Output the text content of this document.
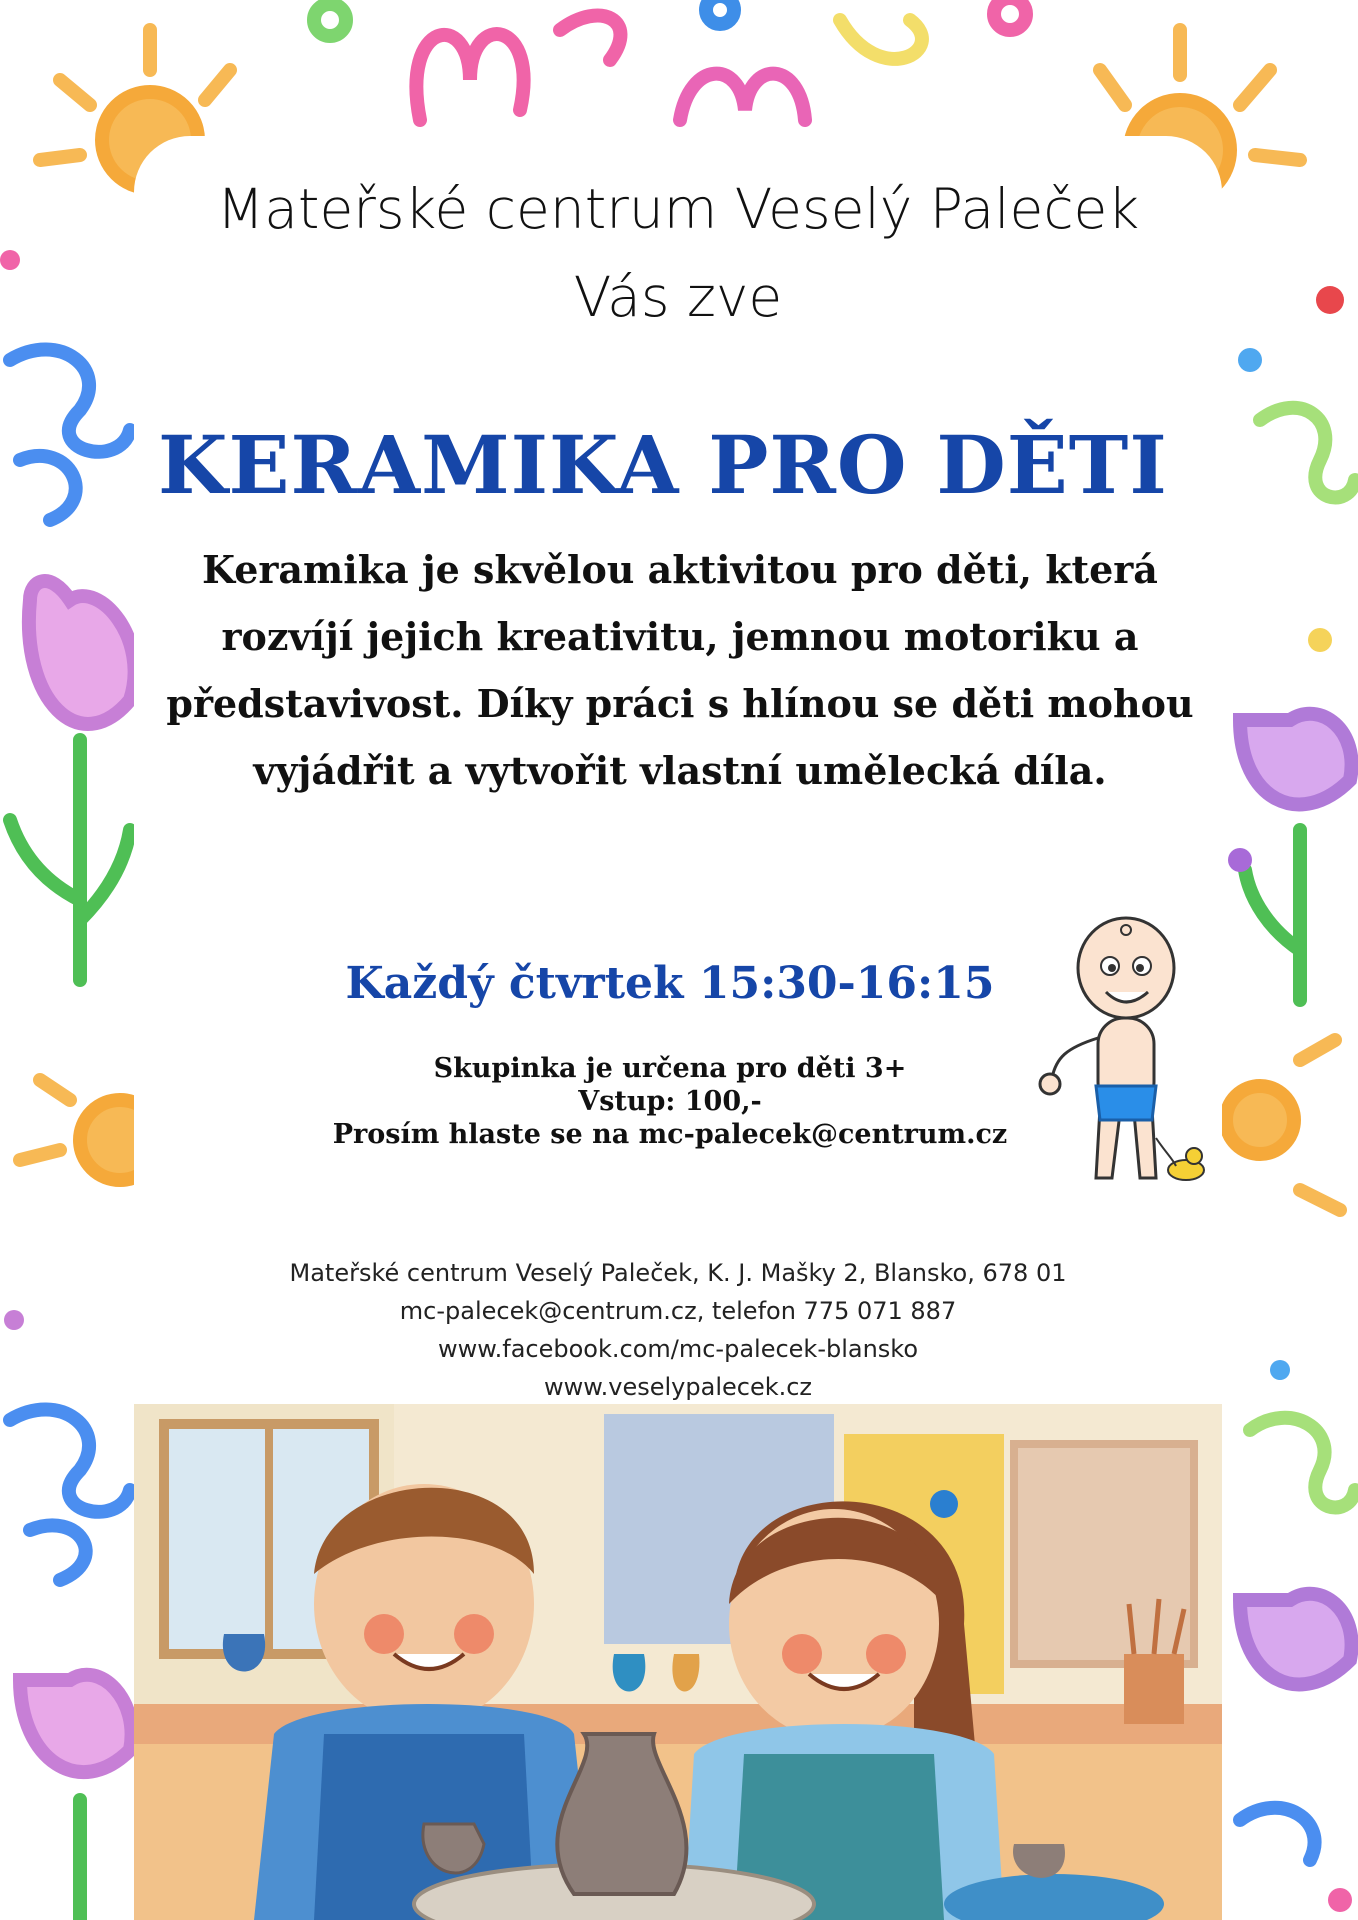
Mateřské centrum Veselý Paleček
Vás zve
KERAMIKA PRO DĚTI
Keramika je skvělou aktivitou pro děti, která
rozvíjí jejich kreativitu, jemnou motoriku a
představivost. Díky práci s hlínou se děti mohou
vyjádřit a vytvořit vlastní umělecká díla.
Každý čtvrtek 15:30-16:15
Skupinka je určena pro děti 3+
Vstup: 100,-
Prosím hlaste se na mc-palecek@centrum.cz
Mateřské centrum Veselý Paleček, K. J. Mašky 2, Blansko, 678 01
mc-palecek@centrum.cz, telefon 775 071 887
www.facebook.com/mc-palecek-blansko
www.veselypalecek.cz
